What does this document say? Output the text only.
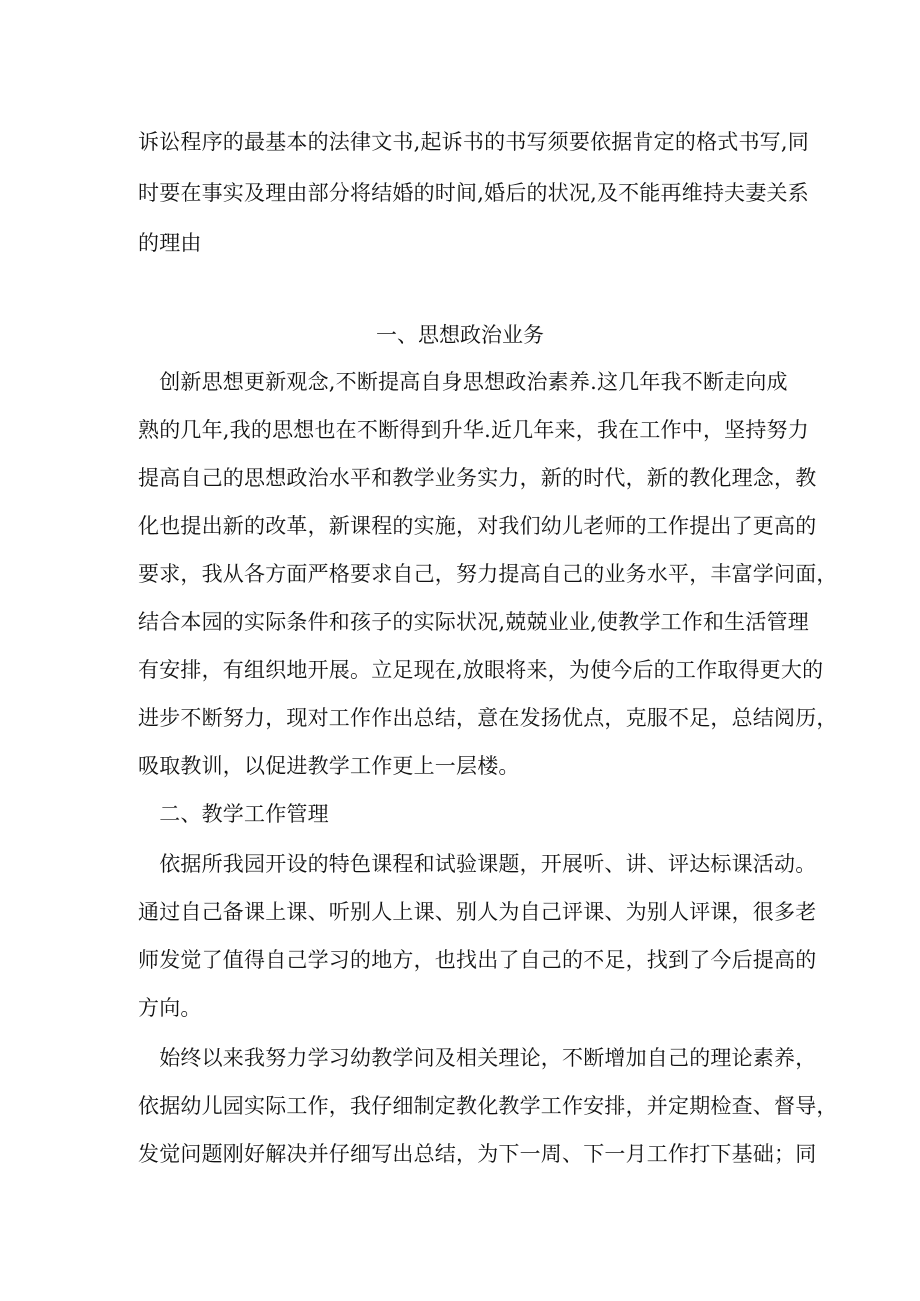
诉讼程序的最基本的法律文书,起诉书的书写须要依据肯定的格式书写,同
时要在事实及理由部分将结婚的时间,婚后的状况,及不能再维持夫妻关系
的理由
一、思想政治业务
　创新思想更新观念,不断提高自身思想政治素养.这几年我不断走向成
熟的几年,我的思想也在不断得到升华.近几年来，我在工作中，坚持努力
提高自己的思想政治水平和教学业务实力，新的时代，新的教化理念，教
化也提出新的改革，新课程的实施，对我们幼儿老师的工作提出了更高的
要求，我从各方面严格要求自己，努力提高自己的业务水平，丰富学问面，
结合本园的实际条件和孩子的实际状况,兢兢业业,使教学工作和生活管理
有安排，有组织地开展。立足现在,放眼将来，为使今后的工作取得更大的
进步不断努力，现对工作作出总结，意在发扬优点，克服不足，总结阅历，
吸取教训，以促进教学工作更上一层楼。
　二、教学工作管理
　依据所我园开设的特色课程和试验课题，开展听、讲、评达标课活动。
通过自己备课上课、听别人上课、别人为自己评课、为别人评课，很多老
师发觉了值得自己学习的地方，也找出了自己的不足，找到了今后提高的
方向。
　始终以来我努力学习幼教学问及相关理论，不断增加自己的理论素养，
依据幼儿园实际工作，我仔细制定教化教学工作安排，并定期检查、督导，
发觉问题刚好解决并仔细写出总结，为下一周、下一月工作打下基础；同
